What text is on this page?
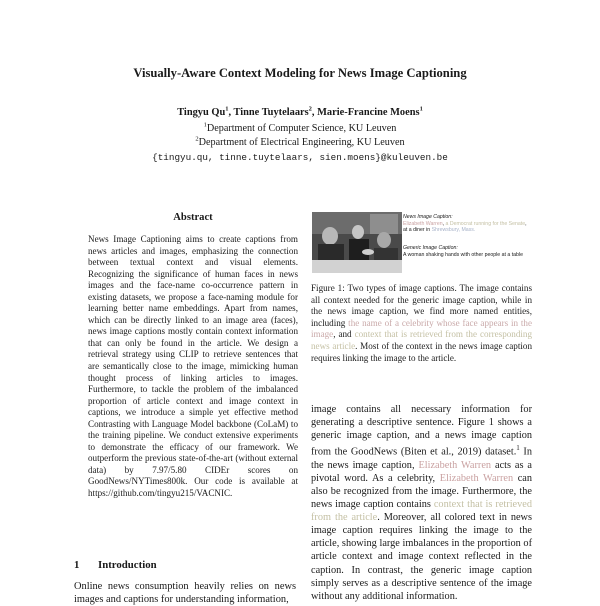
Visually-Aware Context Modeling for News Image Captioning
Tingyu Qu$^1$, Tinne Tuytelaars$^2$, Marie-Francine Moens$^1$
$^1$Department of Computer Science, KU Leuven
$^2$Department of Electrical Engineering, KU Leuven
{tingyu.qu, tinne.tuytelaars, sien.moens}@kuleuven.be
Abstract
News Image Captioning aims to create captions from news articles and images, emphasizing the connection between textual context and visual elements. Recognizing the significance of human faces in news images and the face-name co-occurrence pattern in existing datasets, we propose a face-naming module for learning better name embeddings. Apart from names, which can be directly linked to an image area (faces), news image captions mostly contain context information that can only be found in the article. We design a retrieval strategy using CLIP to retrieve sentences that are semantically close to the image, mimicking human thought process of linking articles to images. Furthermore, to tackle the problem of the imbalanced proportion of article context and image context in captions, we introduce a simple yet effective method Contrasting with Language Model backbone (CoLaM) to the training pipeline. We conduct extensive experiments to demonstrate the efficacy of our framework. We outperform the previous state-of-the-art (without external data) by 7.97/5.80 CIDEr scores on GoodNews/NYTimes800k. Our code is available at https://github.com/tingyu215/VACNIC.
1 Introduction
Online news consumption heavily relies on news images and captions for understanding information,
News Image Caption:
Elizabeth Warren, a Democrat running for the Senate, at a diner in Shrewsbury, Mass.
Generic Image Caption:
A woman shaking hands with other people at a table
Figure 1: Two types of image captions. The image contains all context needed for the generic image caption, while in the news image caption, we find more named entities, including the name of a celebrity whose face appears in the image, and context that is retrieved from the corresponding news article. Most of the context in the news image caption requires linking the image to the article.
image contains all necessary information for generating a descriptive sentence. Figure 1 shows a generic image caption, and a news image caption from the GoodNews (Biten et al., 2019) dataset.$^1$ In the news image caption, Elizabeth Warren acts as a pivotal word. As a celebrity, Elizabeth Warren can also be recognized from the image. Furthermore, the news image caption contains context that is retrieved from the article. Moreover, all colored text in news image caption requires linking the image to the article, showing large imbalances in the proportion of article context and image context reflected in the caption. In contrast, the generic image caption simply serves as a descriptive sentence of the image without any additional information.
